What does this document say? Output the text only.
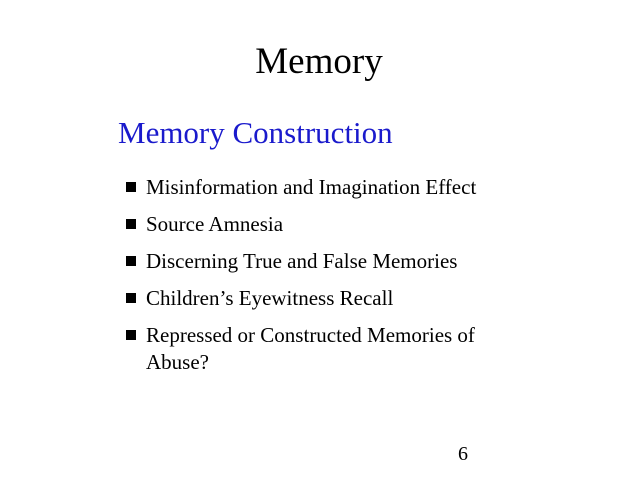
Memory
Memory Construction
Misinformation and Imagination Effect
Source Amnesia
Discerning True and False Memories
Children’s Eyewitness Recall
Repressed or Constructed Memories of Abuse?
6
